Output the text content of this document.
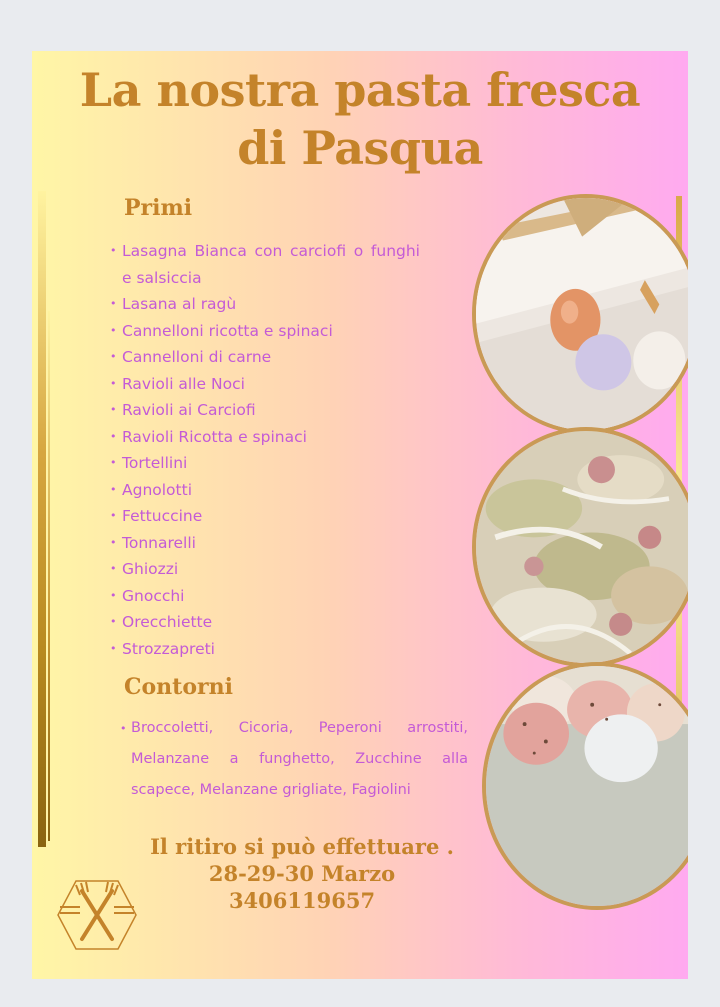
La nostra pasta fresca
di Pasqua
Primi
• Lasagna Bianca con carciofi o funghi e salsiccia
• Lasana al ragù
• Cannelloni ricotta e spinaci
• Cannelloni di carne
• Ravioli alle Noci
• Ravioli ai Carciofi
• Ravioli Ricotta e spinaci
• Tortellini
• Agnolotti
• Fettuccine
• Tonnarelli
• Ghiozzi
• Gnocchi
• Orecchiette
• Strozzapreti
Contorni

• Broccoletti, Cicoria, Peperoni arrostiti, Melanzane a funghetto, Zucchine alla scapece, Melanzane grigliate, Fagiolini

Il ritiro si può effettuare .
28-29-30 Marzo
3406119657
